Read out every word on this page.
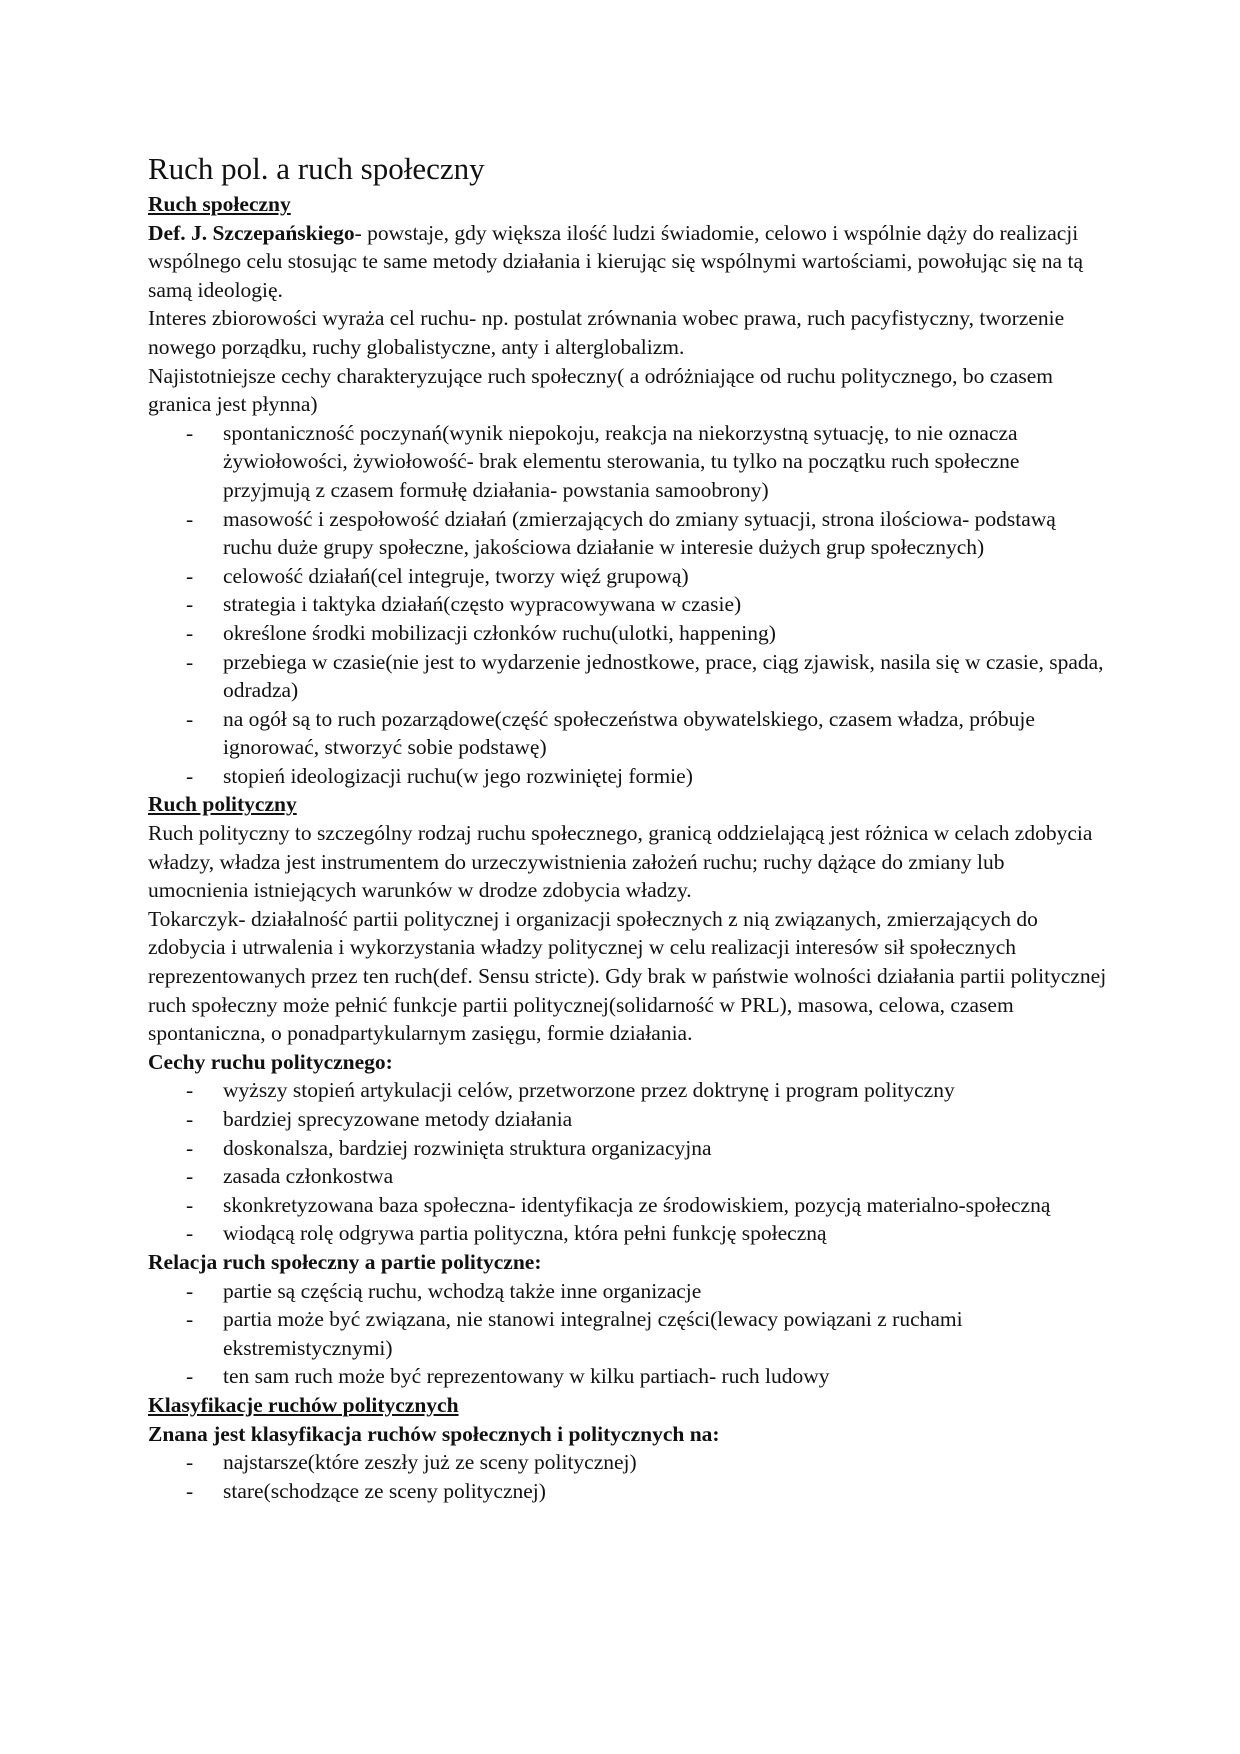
Ruch pol. a ruch społeczny
Ruch społeczny

Def. J. Szczepańskiego- powstaje, gdy większa ilość ludzi świadomie, celowo i wspólnie dąży do realizacji wspólnego celu stosując te same metody działania i kierując się wspólnymi wartościami, powołując się na tą samą ideologię.

Interes zbiorowości wyraża cel ruchu- np. postulat zrównania wobec prawa, ruch pacyfistyczny, tworzenie nowego porządku, ruchy globalistyczne, anty i alterglobalizm.

Najistotniejsze cechy charakteryzujące ruch społeczny( a odróżniające od ruchu politycznego, bo czasem granica jest płynna)

- spontaniczność poczynań(wynik niepokoju, reakcja na niekorzystną sytuację, to nie oznacza żywiołowości, żywiołowość- brak elementu sterowania, tu tylko na początku ruch społeczne przyjmują z czasem formułę działania- powstania samoobrony)
- masowość i zespołowość działań (zmierzających do zmiany sytuacji, strona ilościowa- podstawą ruchu duże grupy społeczne, jakościowa działanie w interesie dużych grup społecznych)
- celowość działań(cel integruje, tworzy więź grupową)
- strategia i taktyka działań(często wypracowywana w czasie)
- określone środki mobilizacji członków ruchu(ulotki, happening)
- przebiega w czasie(nie jest to wydarzenie jednostkowe, prace, ciąg zjawisk, nasila się w czasie, spada, odradza)
- na ogół są to ruch pozarządowe(część społeczeństwa obywatelskiego, czasem władza, próbuje ignorować, stworzyć sobie podstawę)
- stopień ideologizacji ruchu(w jego rozwiniętej formie)
Ruch polityczny

Ruch polityczny to szczególny rodzaj ruchu społecznego, granicą oddzielającą jest różnica w celach zdobycia władzy, władza jest instrumentem do urzeczywistnienia założeń ruchu; ruchy dążące do zmiany lub umocnienia istniejących warunków w drodze zdobycia władzy.

Tokarczyk- działalność partii politycznej i organizacji społecznych z nią związanych, zmierzających do zdobycia i utrwalenia i wykorzystania władzy politycznej w celu realizacji interesów sił społecznych reprezentowanych przez ten ruch(def. Sensu stricte). Gdy brak w państwie wolności działania partii politycznej ruch społeczny może pełnić funkcje partii politycznej(solidarność w PRL), masowa, celowa, czasem spontaniczna, o ponadpartykularnym zasięgu, formie działania.

Cechy ruchu politycznego:
- wyższy stopień artykulacji celów, przetworzone przez doktrynę i program polityczny
- bardziej sprecyzowane metody działania
- doskonalsza, bardziej rozwinięta struktura organizacyjna
- zasada członkostwa
- skonkretyzowana baza społeczna- identyfikacja ze środowiskiem, pozycją materialno-społeczną
- wiodącą rolę odgrywa partia polityczna, która pełni funkcję społeczną
Relacja ruch społeczny a partie polityczne:
- partie są częścią ruchu, wchodzą także inne organizacje
- partia może być związana, nie stanowi integralnej części(lewacy powiązani z ruchami ekstremistycznymi)
- ten sam ruch może być reprezentowany w kilku partiach- ruch ludowy
Klasyfikacje ruchów politycznych
Znana jest klasyfikacja ruchów społecznych i politycznych na:
- najstarsze(które zeszły już ze sceny politycznej)
- stare(schodzące ze sceny politycznej)
